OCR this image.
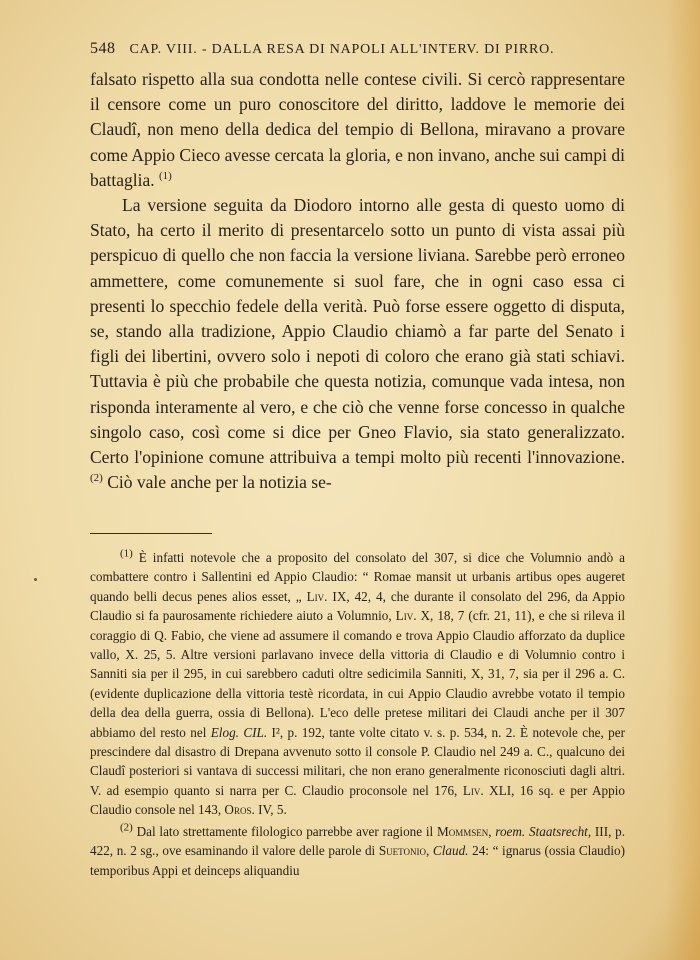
548 CAP. VIII. - DALLA RESA DI NAPOLI ALL'INTERV. DI PIRRO.

falsato rispetto alla sua condotta nelle contese civili. Si cercò rappresentare il censore come un puro conoscitore del diritto, laddove le memorie dei Claudî, non meno della dedica del tempio di Bellona, miravano a provare come Appio Cieco avesse cercata la gloria, e non invano, anche sui campi di battaglia. $^{(1)}$

La versione seguita da Diodoro intorno alle gesta di questo uomo di Stato, ha certo il merito di presentarcelo sotto un punto di vista assai più perspicuo di quello che non faccia la versione liviana. Sarebbe però erroneo ammettere, come comunemente si suol fare, che in ogni caso essa ci presenti lo specchio fedele della verità. Può forse essere oggetto di disputa, se, stando alla tradizione, Appio Claudio chiamò a far parte del Senato i figli dei libertini, ovvero solo i nepoti di coloro che erano già stati schiavi. Tuttavia è più che probabile che questa notizia, comunque vada intesa, non risponda interamente al vero, e che ciò che venne forse concesso in qualche singolo caso, così come si dice per Gneo Flavio, sia stato generalizzato. Certo l'opinione comune attribuiva a tempi molto più recenti l'innovazione. $^{(2)}$ Ciò vale anche per la notizia se-

$^{(1)}$ È infatti notevole che a proposito del consolato del 307, si dice che Volumnio andò a combattere contro i Sallentini ed Appio Claudio: “ Romae mansit ut urbanis artibus opes augeret quando belli decus penes alios esset, „ Liv. IX, 42, 4, che durante il consolato del 296, da Appio Claudio si fa paurosamente richiedere aiuto a Volumnio, Liv. X, 18, 7 (cfr. 21, 11), e che si rileva il coraggio di Q. Fabio, che viene ad assumere il comando e trova Appio Claudio afforzato da duplice vallo, X. 25, 5. Altre versioni parlavano invece della vittoria di Claudio e di Volumnio contro i Sanniti sia per il 295, in cui sarebbero caduti oltre sedicimila Sanniti, X, 31, 7, sia per il 296 a. C. (evidente duplicazione della vittoria testè ricordata, in cui Appio Claudio avrebbe votato il tempio della dea della guerra, ossia di Bellona). L'eco delle pretese militari dei Claudi anche per il 307 abbiamo del resto nel Elog. CIL. I², p. 192, tante volte citato v. s. p. 534, n. 2. È notevole che, per prescindere dal disastro di Drepana avvenuto sotto il console P. Claudio nel 249 a. C., qualcuno dei Claudî posteriori si vantava di successi militari, che non erano generalmente riconosciuti dagli altri. V. ad esempio quanto si narra per C. Claudio proconsole nel 176, Liv. XLI, 16 sq. e per Appio Claudio console nel 143, Oros. IV, 5.

$^{(2)}$ Dal lato strettamente filologico parrebbe aver ragione il Mommsen, roem. Staatsrecht, III, p. 422, n. 2 sg., ove esaminando il valore delle parole di Suetonio, Claud. 24: “ ignarus (ossia Claudio) temporibus Appi et deinceps aliquandiu
